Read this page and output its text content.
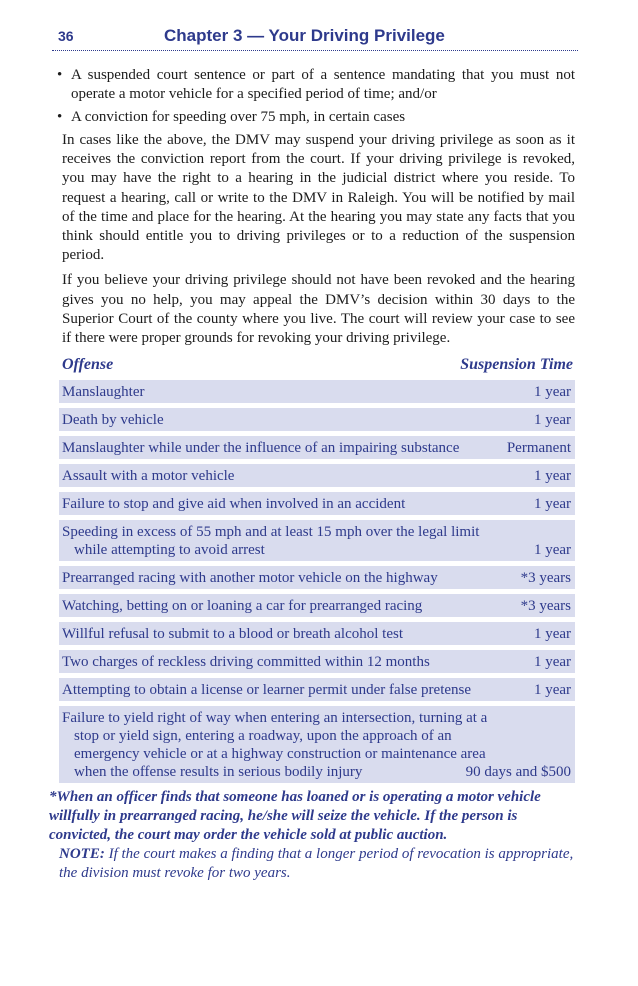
36	Chapter 3 — Your Driving Privilege
• A suspended court sentence or part of a sentence mandating that you must not operate a motor vehicle for a specified period of time; and/or
• A conviction for speeding over 75 mph, in certain cases

In cases like the above, the DMV may suspend your driving privilege as soon as it receives the conviction report from the court. If your driving privilege is revoked, you may have the right to a hearing in the judicial district where you reside. To request a hearing, call or write to the DMV in Raleigh. You will be notified by mail of the time and place for the hearing. At the hearing you may state any facts that you think should entitle you to driving privileges or to a reduction of the suspension period.

If you believe your driving privilege should not have been revoked and the hearing gives you no help, you may appeal the DMV’s decision within 30 days to the Superior Court of the county where you live. The court will review your case to see if there were proper grounds for revoking your driving privilege.

Offense	Suspension Time
Manslaughter	1 year
Death by vehicle	1 year
Manslaughter while under the influence of an impairing substance	Permanent
Assault with a motor vehicle	1 year
Failure to stop and give aid when involved in an accident	1 year
Speeding in excess of 55 mph and at least 15 mph over the legal limit while attempting to avoid arrest	1 year
Prearranged racing with another motor vehicle on the highway	*3 years
Watching, betting on or loaning a car for prearranged racing	*3 years
Willful refusal to submit to a blood or breath alcohol test	1 year
Two charges of reckless driving committed within 12 months	1 year
Attempting to obtain a license or learner permit under false pretense	1 year
Failure to yield right of way when entering an intersection, turning at a stop or yield sign, entering a roadway, upon the approach of an emergency vehicle or at a highway construction or maintenance area when the offense results in serious bodily injury	90 days and $500
*When an officer finds that someone has loaned or is operating a motor vehicle willfully in prearranged racing, he/she will seize the vehicle. If the person is convicted, the court may order the vehicle sold at public auction.
NOTE: If the court makes a finding that a longer period of revocation is appropriate, the division must revoke for two years.
